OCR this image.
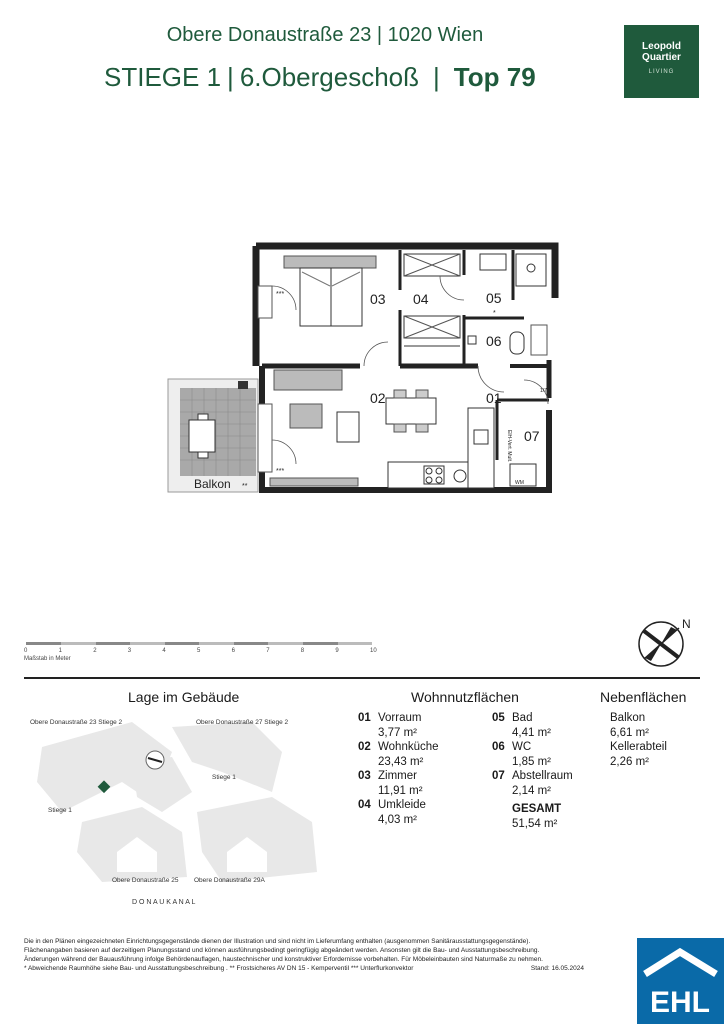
Obere Donaustraße 23 | 1020 Wien
STIEGE 1 | 6.Obergeschoß | Top 79
Leopold
Quartier
LIVING
03 04	05
06
02	01
07
Balkon
*
**
***
***
1/79
WM
ElH-Vert. Mult.
0	1	2	3	4	5	6	7	8	9	10
Maßstab in Meter
N
Lage im Gebäude
Obere Donaustraße 23 Stiege 2	Obere Donaustraße 27 Stiege 2
Stiege 1
Stiege 1
Obere Donaustraße 25 Obere Donaustraße 29A
D O N A U K A N A L
Wohnnutzflächen
01 Vorraum
3,77 m²
02 Wohnküche
23,43 m²
03 Zimmer
11,91 m²
04 Umkleide
4,03 m²
05 Bad
4,41 m²
06 WC
1,85 m²
07 Abstellraum
2,14 m²
GESAMT
51,54 m²
Nebenflächen
Balkon
6,61 m²
Kellerabteil
2,26 m²
Die in den Plänen eingezeichneten Einrichtungsgegenstände dienen der Illustration und sind nicht im Lieferumfang enthalten (ausgenommen Sanitärausstattungsgegenstände).
Flächenangaben basieren auf derzeitigem Planungsstand und können ausführungsbedingt geringfügig abgeändert werden. Ansonsten gilt die Bau- und Ausstattungsbeschreibung.
Änderungen während der Bauausführung infolge Behördenauflagen, haustechnischer und konstruktiver Erfordernisse vorbehalten. Für Möbeleinbauten sind Naturmaße zu nehmen.
* Abweichende Raumhöhe siehe Bau- und Ausstattungsbeschreibung . ** Frostsicheres AV DN 15 - Kemperventil *** Unterflurkonvektor	Stand: 16.05.2024
EHL
